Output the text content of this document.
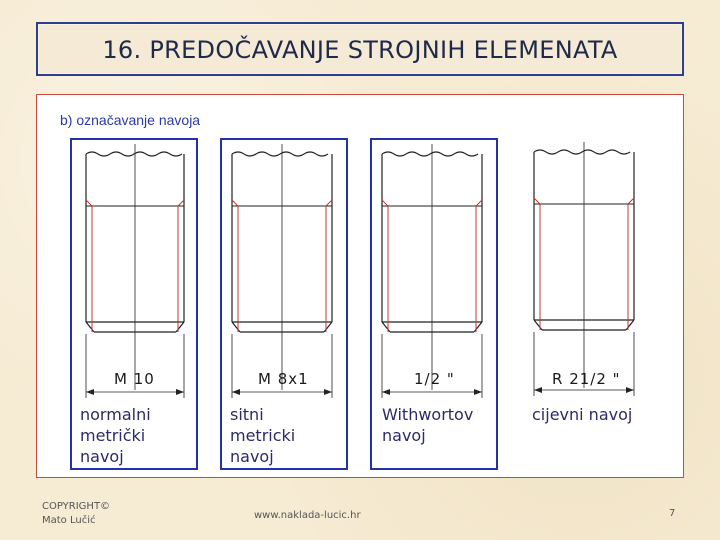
16. PREDOČAVANJE STROJNIH ELEMENATA
b) označavanje navoja
M 10
normalni
metrički
navoj
M 8x1
sitni
metricki
navoj
1/2 "
Withwortov
navoj
R 21/2 "
cijevni navoj
COPYRIGHT©
Mato Lučić	www.naklada-lucic.hr	7
